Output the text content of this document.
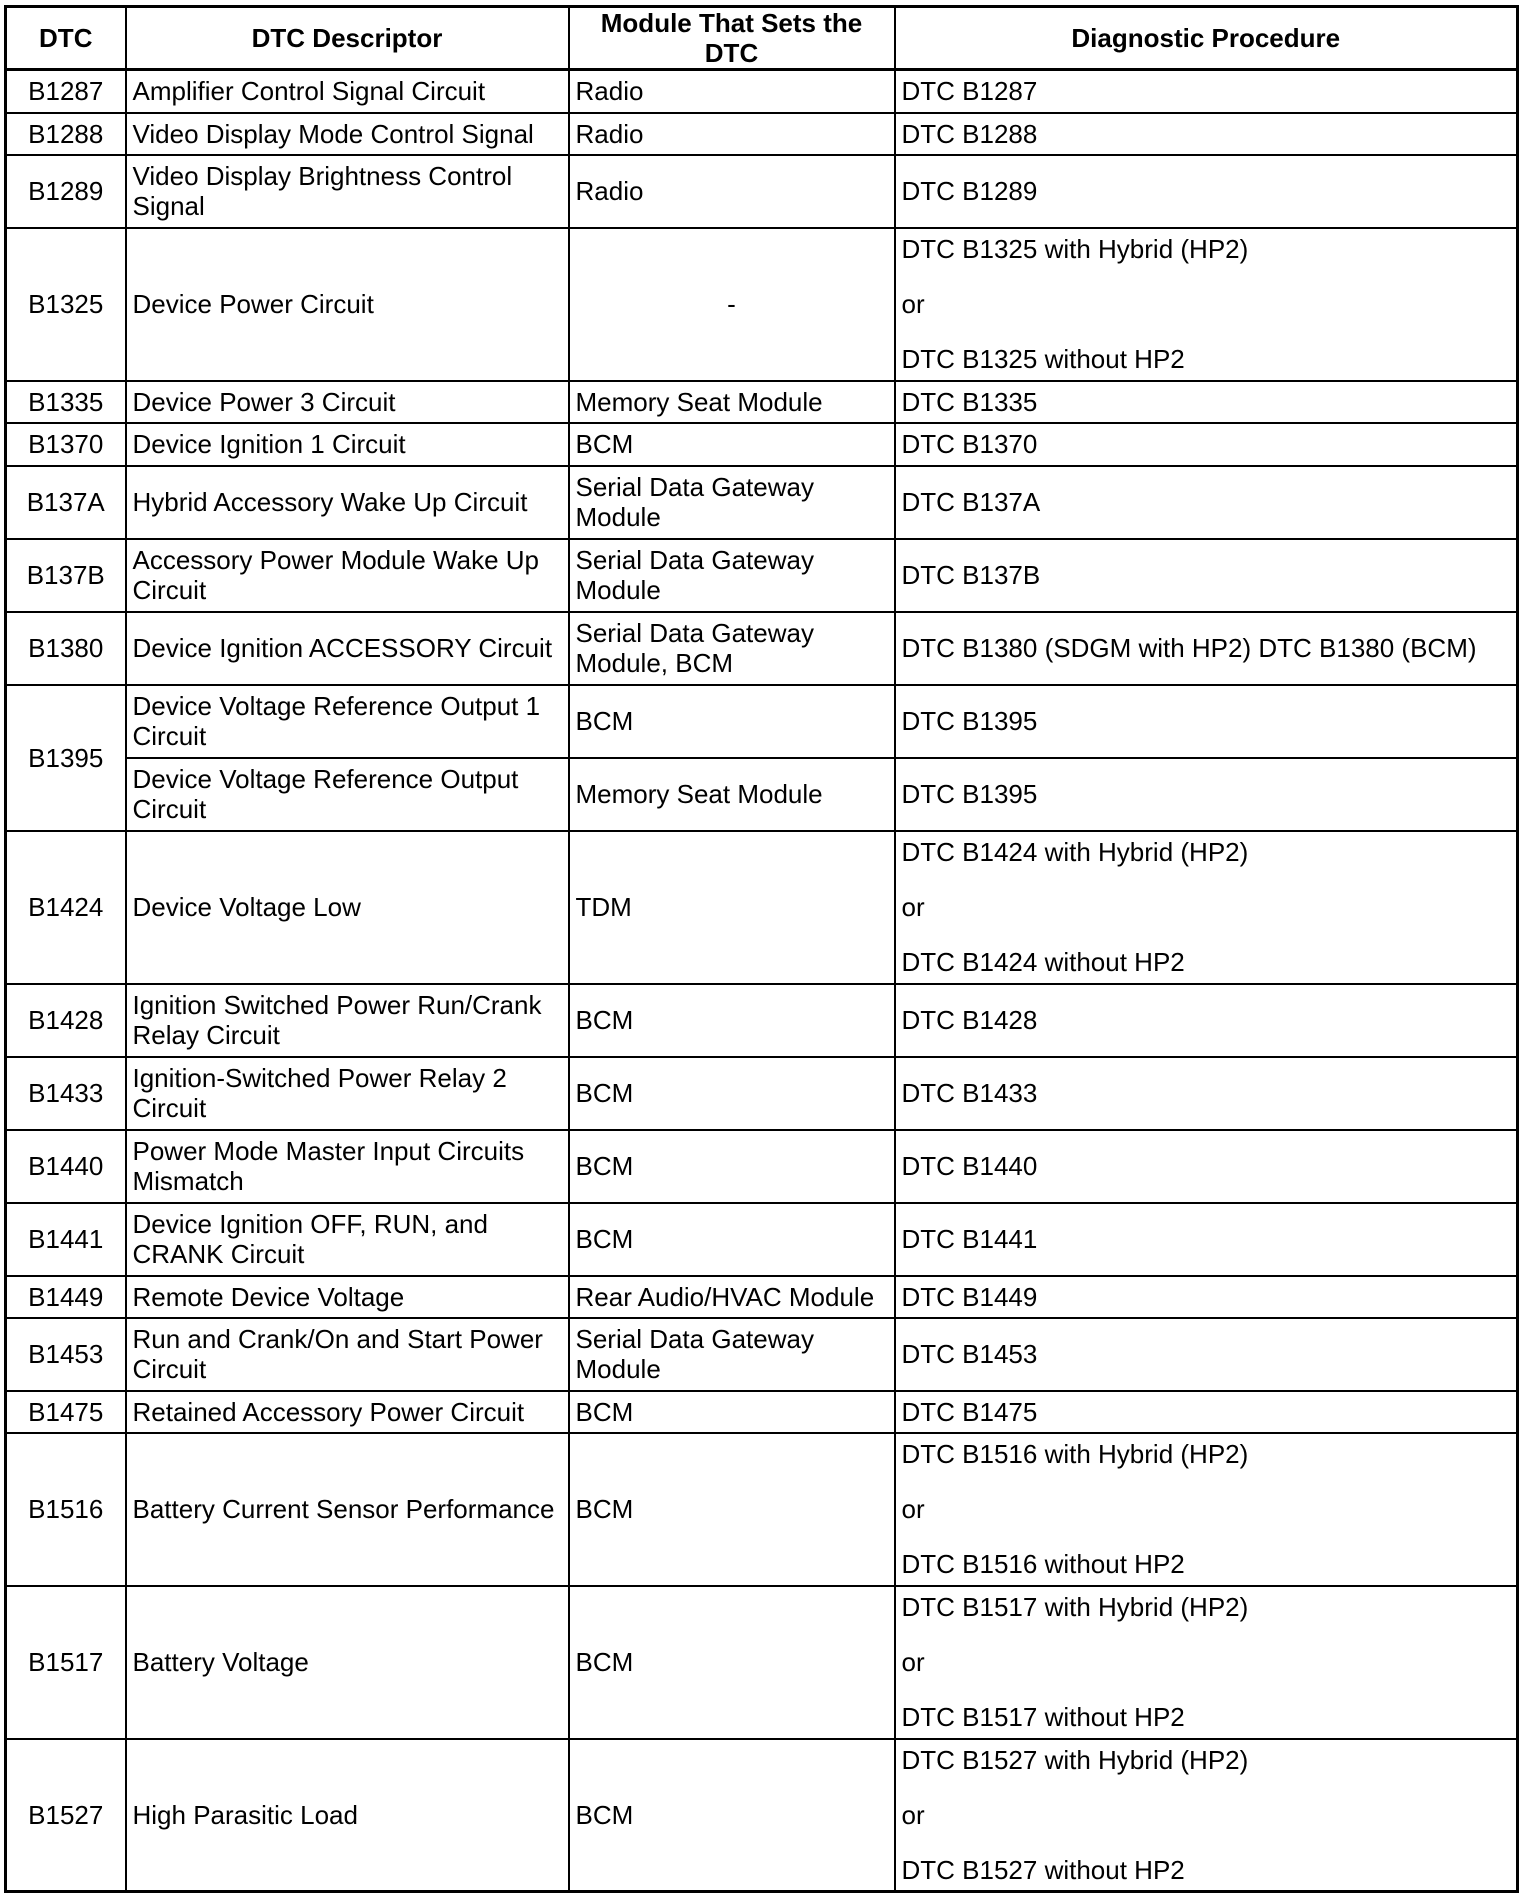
DTC	DTC Descriptor	Module That Sets the DTC	Diagnostic Procedure
B1287	Amplifier Control Signal Circuit	Radio	DTC B1287
B1288	Video Display Mode Control Signal	Radio	DTC B1288
B1289	Video Display Brightness Control Signal	Radio	DTC B1289
B1325	Device Power Circuit	-	DTC B1325 with Hybrid (HP2)
or
DTC B1325 without HP2

B1335	Device Power 3 Circuit	Memory Seat Module	DTC B1335
B1370	Device Ignition 1 Circuit	BCM	DTC B1370
B137A	Hybrid Accessory Wake Up Circuit	Serial Data Gateway Module	DTC B137A
B137B	Accessory Power Module Wake Up Circuit	Serial Data Gateway Module	DTC B137B
B1380	Device Ignition ACCESSORY Circuit	Serial Data Gateway Module, BCM	DTC B1380 (SDGM with HP2) DTC B1380 (BCM)
B1395	Device Voltage Reference Output 1 Circuit	BCM	DTC B1395
	Device Voltage Reference Output Circuit	Memory Seat Module	DTC B1395
B1424	Device Voltage Low	TDM	DTC B1424 with Hybrid (HP2)
or
DTC B1424 without HP2

B1428	Ignition Switched Power Run/Crank Relay Circuit	BCM	DTC B1428
B1433	Ignition-Switched Power Relay 2 Circuit	BCM	DTC B1433
B1440	Power Mode Master Input Circuits Mismatch	BCM	DTC B1440
B1441	Device Ignition OFF, RUN, and CRANK Circuit	BCM	DTC B1441
B1449	Remote Device Voltage	Rear Audio/HVAC Module	DTC B1449
B1453	Run and Crank/On and Start Power Circuit	Serial Data Gateway Module	DTC B1453
B1475	Retained Accessory Power Circuit	BCM	DTC B1475
B1516	Battery Current Sensor Performance	BCM	DTC B1516 with Hybrid (HP2)
or
DTC B1516 without HP2

B1517	Battery Voltage	BCM	DTC B1517 with Hybrid (HP2)
or
DTC B1517 without HP2

B1527	High Parasitic Load	BCM	DTC B1527 with Hybrid (HP2)
or
DTC B1527 without HP2
